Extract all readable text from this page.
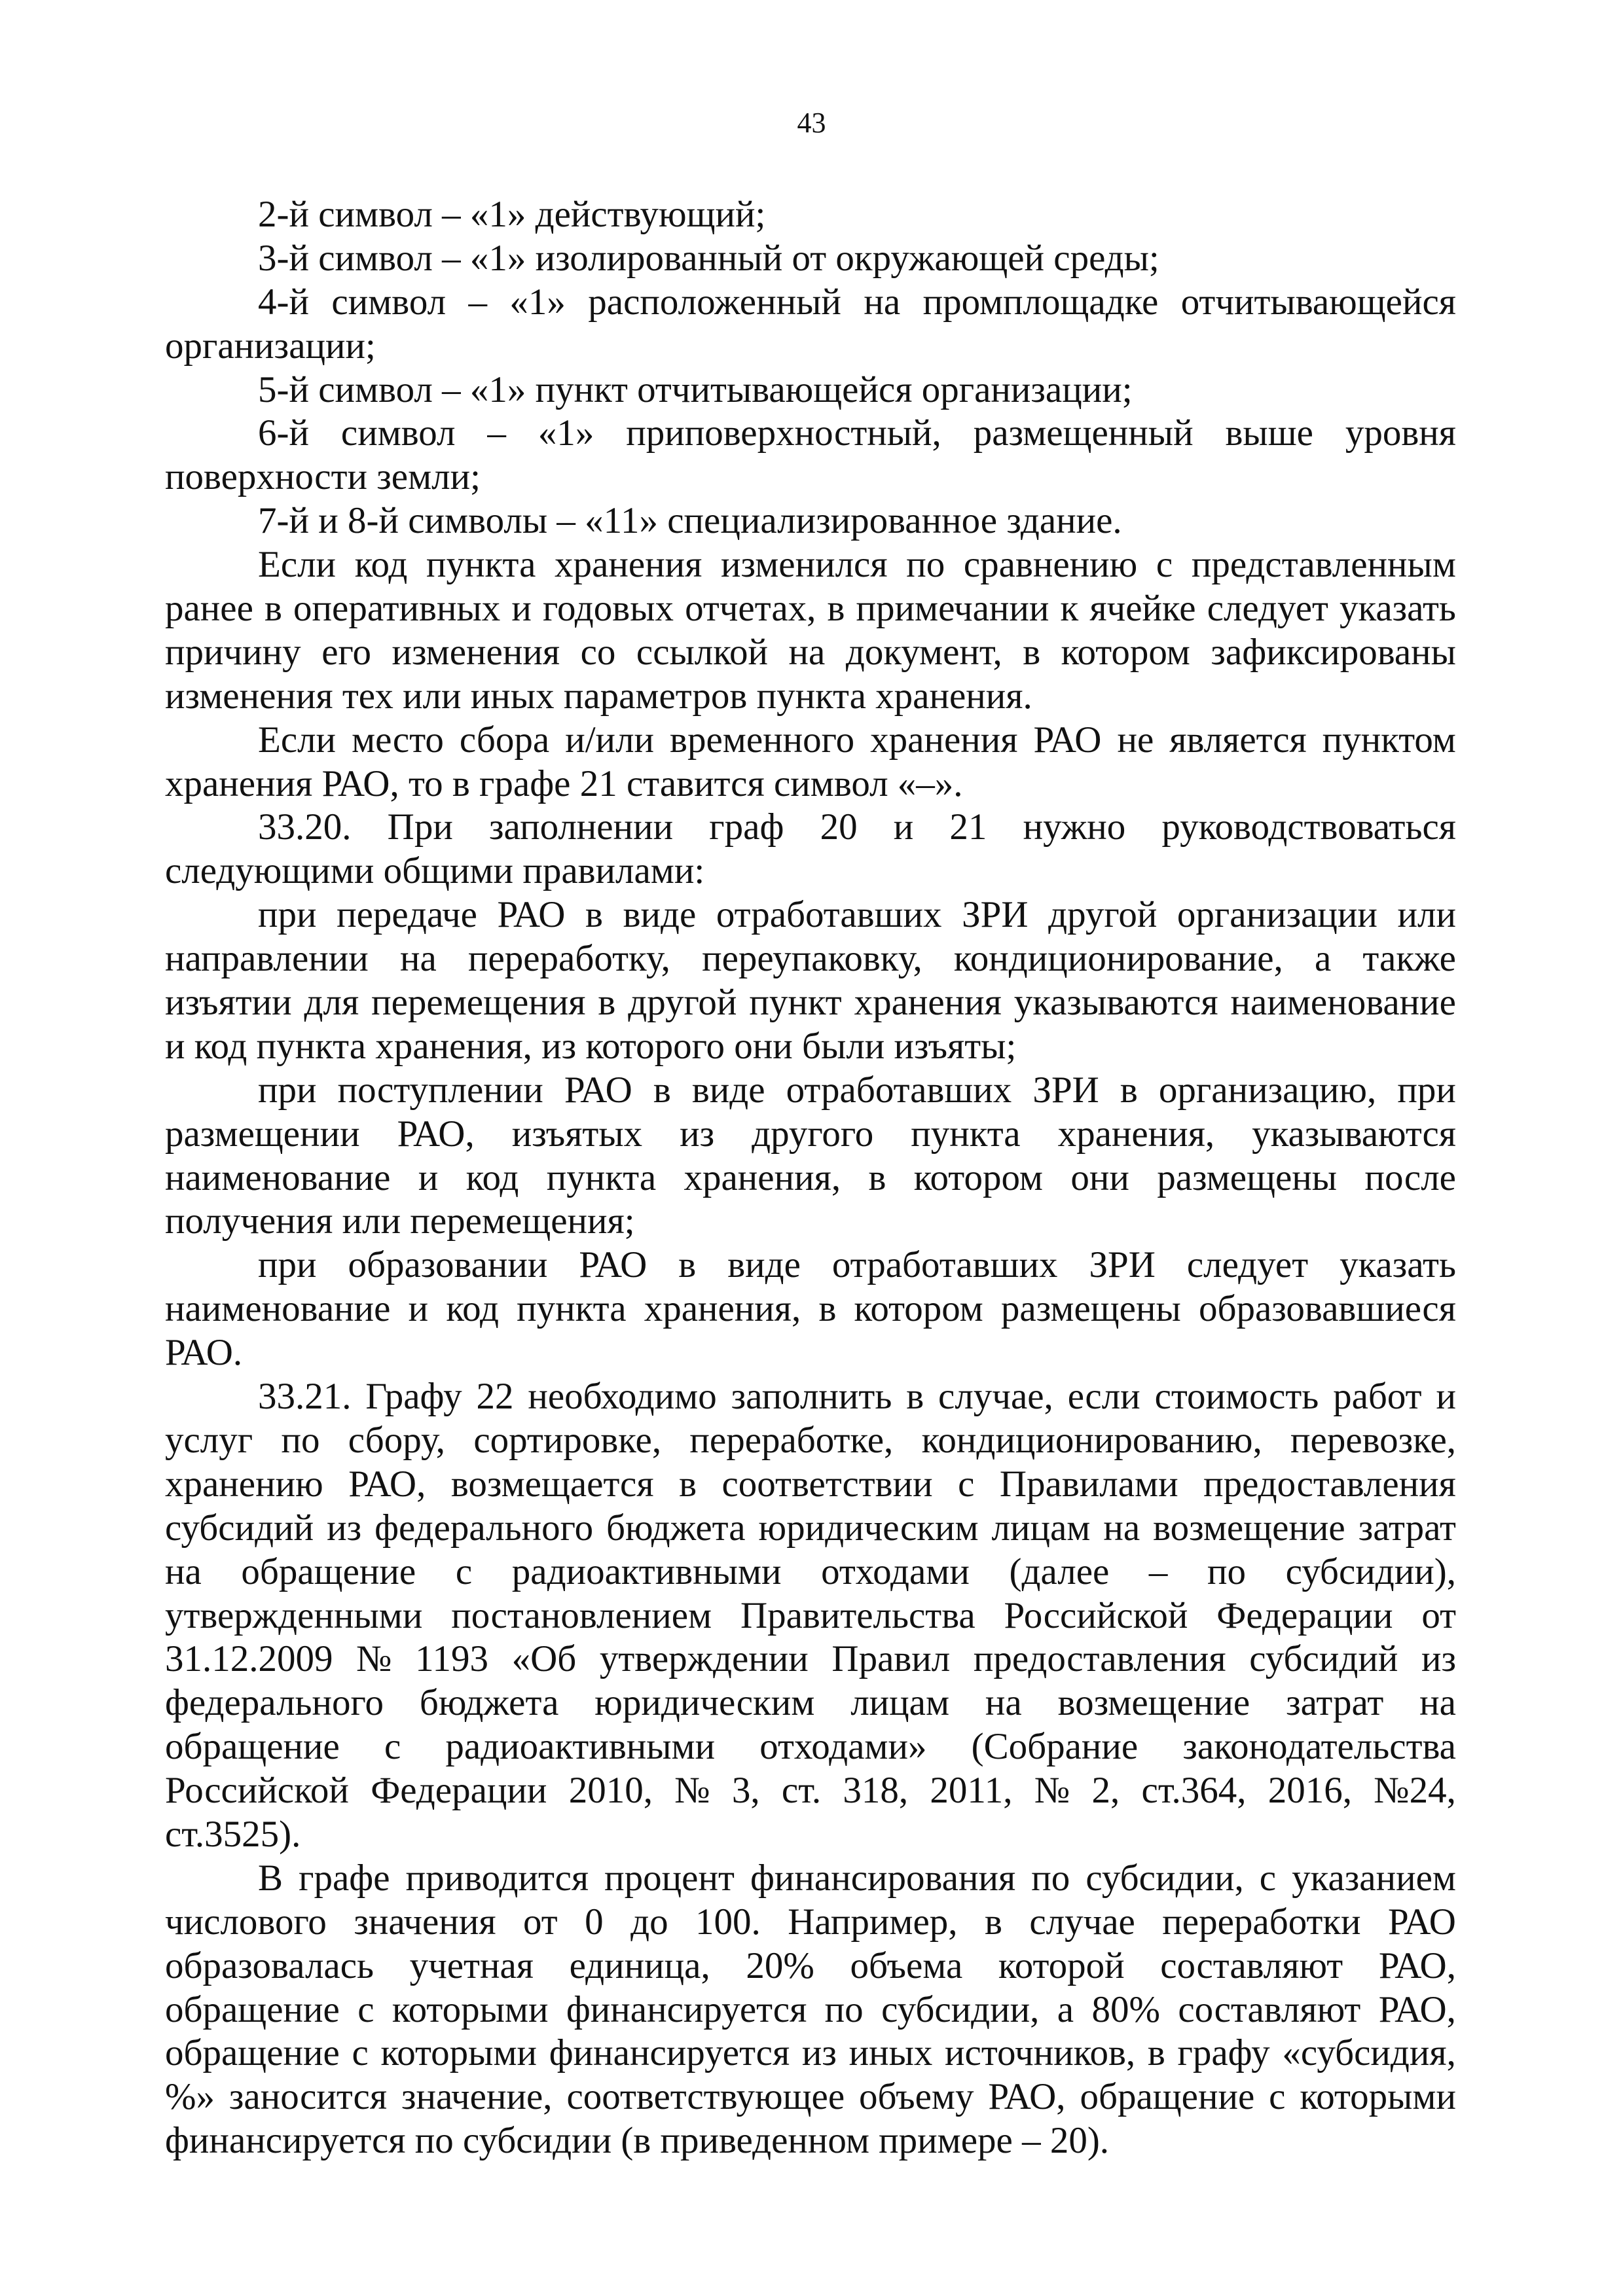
43
2-й символ – «1» действующий;
3-й символ – «1» изолированный от окружающей среды;
4-й символ – «1» расположенный на промплощадке отчитывающейся
организации;
5-й символ – «1» пункт отчитывающейся организации;
6-й символ – «1» приповерхностный, размещенный выше уровня
поверхности земли;
7-й и 8-й символы – «11» специализированное здание.
Если код пункта хранения изменился по сравнению с представленным
ранее в оперативных и годовых отчетах, в примечании к ячейке следует указать
причину его изменения со ссылкой на документ, в котором зафиксированы
изменения тех или иных параметров пункта хранения.
Если место сбора и/или временного хранения РАО не является пунктом
хранения РАО, то в графе 21 ставится символ «–».
33.20. При заполнении граф 20 и 21 нужно руководствоваться
следующими общими правилами:
при передаче РАО в виде отработавших ЗРИ другой организации или
направлении на переработку, переупаковку, кондиционирование, а также
изъятии для перемещения в другой пункт хранения указываются наименование
и код пункта хранения, из которого они были изъяты;
при поступлении РАО в виде отработавших ЗРИ в организацию, при
размещении РАО, изъятых из другого пункта хранения, указываются
наименование и код пункта хранения, в котором они размещены после
получения или перемещения;
при образовании РАО в виде отработавших ЗРИ следует указать
наименование и код пункта хранения, в котором размещены образовавшиеся
РАО.
33.21. Графу 22 необходимо заполнить в случае, если стоимость работ и
услуг по сбору, сортировке, переработке, кондиционированию, перевозке,
хранению РАО, возмещается в соответствии с Правилами предоставления
субсидий из федерального бюджета юридическим лицам на возмещение затрат
на обращение с радиоактивными отходами (далее – по субсидии),
утвержденными постановлением Правительства Российской Федерации от
31.12.2009 № 1193 «Об утверждении Правил предоставления субсидий из
федерального бюджета юридическим лицам на возмещение затрат на
обращение с радиоактивными отходами» (Собрание законодательства
Российской Федерации 2010, № 3, ст. 318, 2011, № 2, ст.364, 2016, №24,
ст.3525).
В графе приводится процент финансирования по субсидии, с указанием
числового значения от 0 до 100. Например, в случае переработки РАО
образовалась учетная единица, 20% объема которой составляют РАО,
обращение с которыми финансируется по субсидии, а 80% составляют РАО,
обращение с которыми финансируется из иных источников, в графу «субсидия,
%» заносится значение, соответствующее объему РАО, обращение с которыми
финансируется по субсидии (в приведенном примере – 20).
